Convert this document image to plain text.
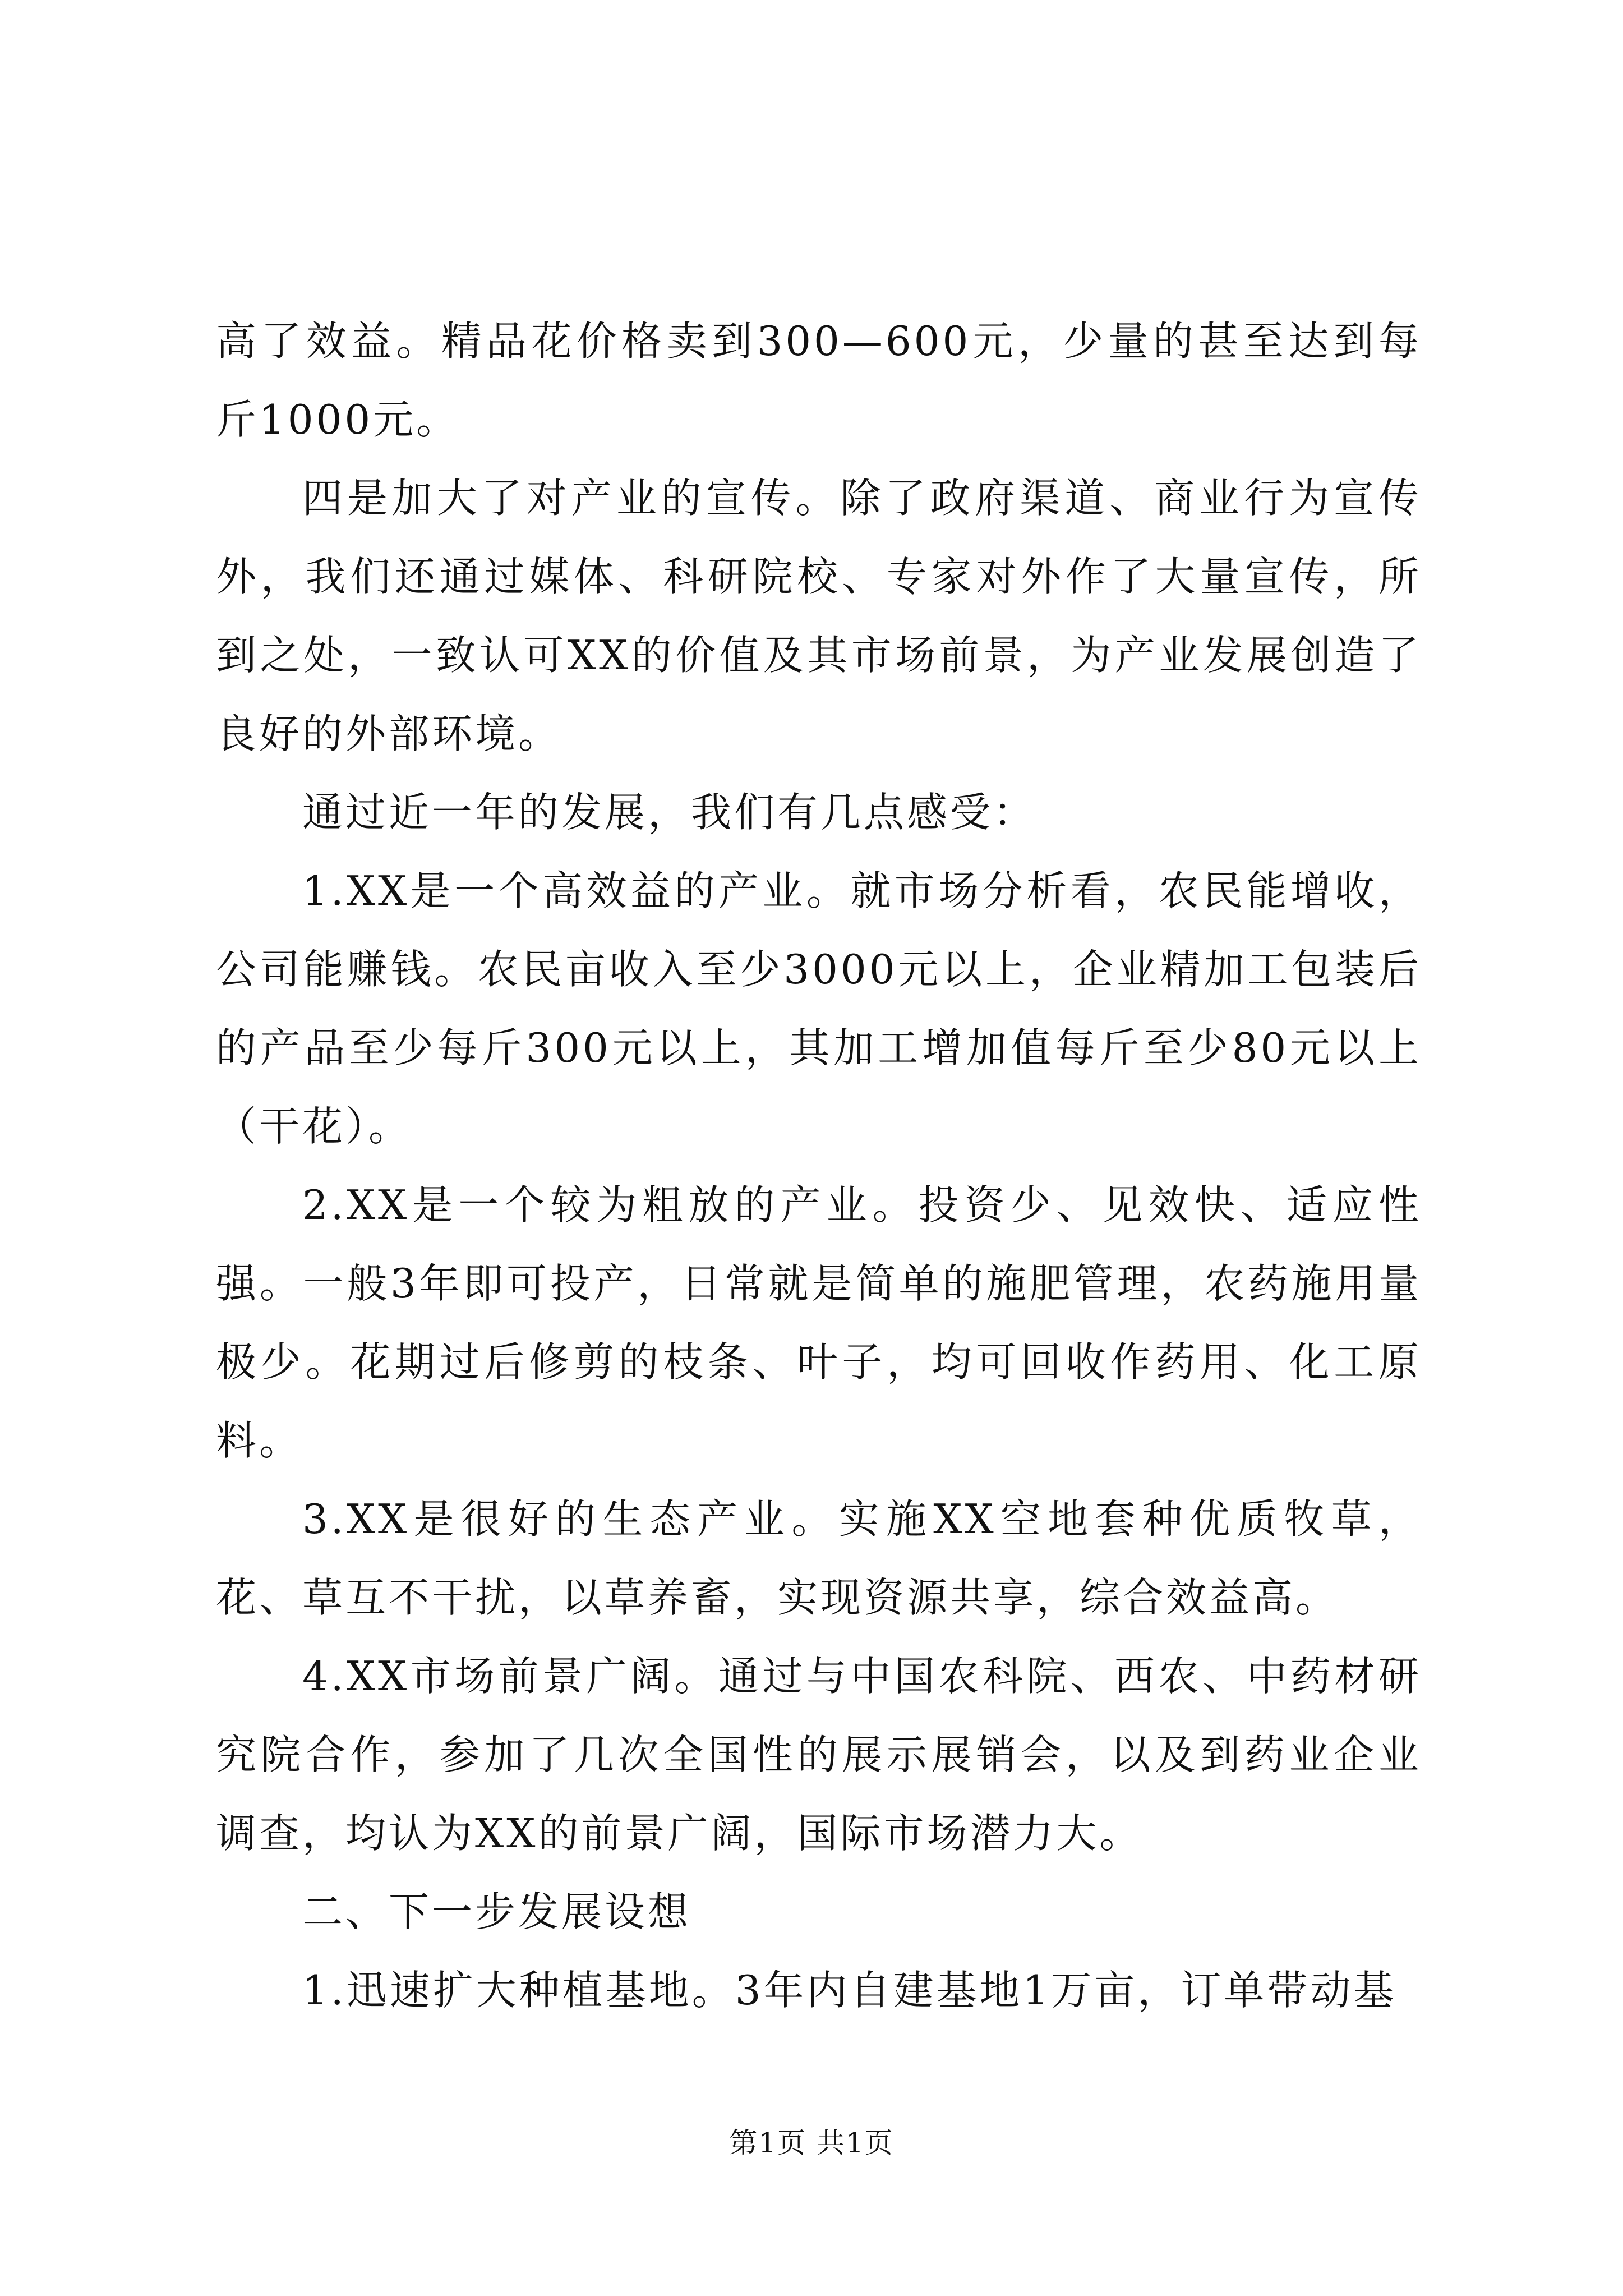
高了效益。精品花价格卖到300—600元，少量的甚至达到每斤1000元。

四是加大了对产业的宣传。除了政府渠道、商业行为宣传外，我们还通过媒体、科研院校、专家对外作了大量宣传，所到之处，一致认可XX的价值及其市场前景，为产业发展创造了良好的外部环境。

通过近一年的发展，我们有几点感受：

1.XX是一个高效益的产业。就市场分析看，农民能增收，公司能赚钱。农民亩收入至少3000元以上，企业精加工包装后的产品至少每斤300元以上，其加工增加值每斤至少80元以上（干花）。

2.XX是一个较为粗放的产业。投资少、见效快、适应性强。一般3年即可投产，日常就是简单的施肥管理，农药施用量极少。花期过后修剪的枝条、叶子，均可回收作药用、化工原料。

3.XX是很好的生态产业。实施XX空地套种优质牧草，花、草互不干扰，以草养畜，实现资源共享，综合效益高。

4.XX市场前景广阔。通过与中国农科院、西农、中药材研究院合作，参加了几次全国性的展示展销会，以及到药业企业调查，均认为XX的前景广阔，国际市场潜力大。

二、下一步发展设想

1.迅速扩大种植基地。3年内自建基地1万亩，订单带动基

第1页 共1页
